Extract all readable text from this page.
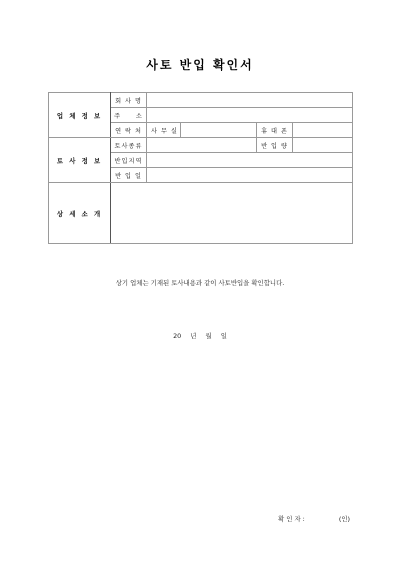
사토 반입 확인서
업 체 정 보	회 사 명				
	주     소				
	연 락 처	사 무 실		휴 대 폰	
토 사 정 보	토사종류			반 입 량	
	반입지역				
	반 입 일				
상 세 소 개					
상기 업체는 기재된 토사내용과 같이 사토반입을 확인합니다.
20 년 월 일
확 인 자 :	(인)
